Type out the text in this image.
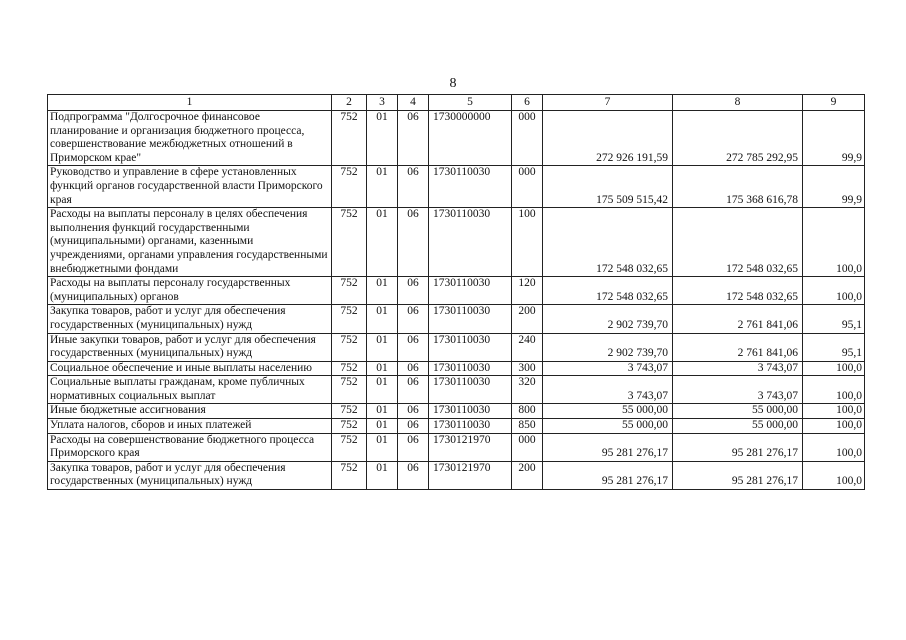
8
1	2	3	4	5	6	7	8	9
Подпрограмма "Долгосрочное финансовое планирование и организация бюджетного процесса, совершенствование межбюджетных отношений в Приморском крае"	752	01	06	1730000000	000	272 926 191,59	272 785 292,95	99,9
Руководство и управление в сфере установленных функций органов государственной власти Приморского края	752	01	06	1730110030	000	175 509 515,42	175 368 616,78	99,9
Расходы на выплаты персоналу в целях обеспечения выполнения функций государственными (муниципальными) органами, казенными учреждениями, органами управления государственными внебюджетными фондами	752	01	06	1730110030	100	172 548 032,65	172 548 032,65	100,0
Расходы на выплаты персоналу государственных (муниципальных) органов	752	01	06	1730110030	120	172 548 032,65	172 548 032,65	100,0
Закупка товаров, работ и услуг для обеспечения государственных (муниципальных) нужд	752	01	06	1730110030	200	2 902 739,70	2 761 841,06	95,1
Иные закупки товаров, работ и услуг для обеспечения государственных (муниципальных) нужд	752	01	06	1730110030	240	2 902 739,70	2 761 841,06	95,1
Социальное обеспечение и иные выплаты населению	752	01	06	1730110030	300	3 743,07	3 743,07	100,0
Социальные выплаты гражданам, кроме публичных нормативных социальных выплат	752	01	06	1730110030	320	3 743,07	3 743,07	100,0
Иные бюджетные ассигнования	752	01	06	1730110030	800	55 000,00	55 000,00	100,0
Уплата налогов, сборов и иных платежей	752	01	06	1730110030	850	55 000,00	55 000,00	100,0
Расходы на совершенствование бюджетного процесса Приморского края	752	01	06	1730121970	000	95 281 276,17	95 281 276,17	100,0
Закупка товаров, работ и услуг для обеспечения государственных (муниципальных) нужд	752	01	06	1730121970	200	95 281 276,17	95 281 276,17	100,0
